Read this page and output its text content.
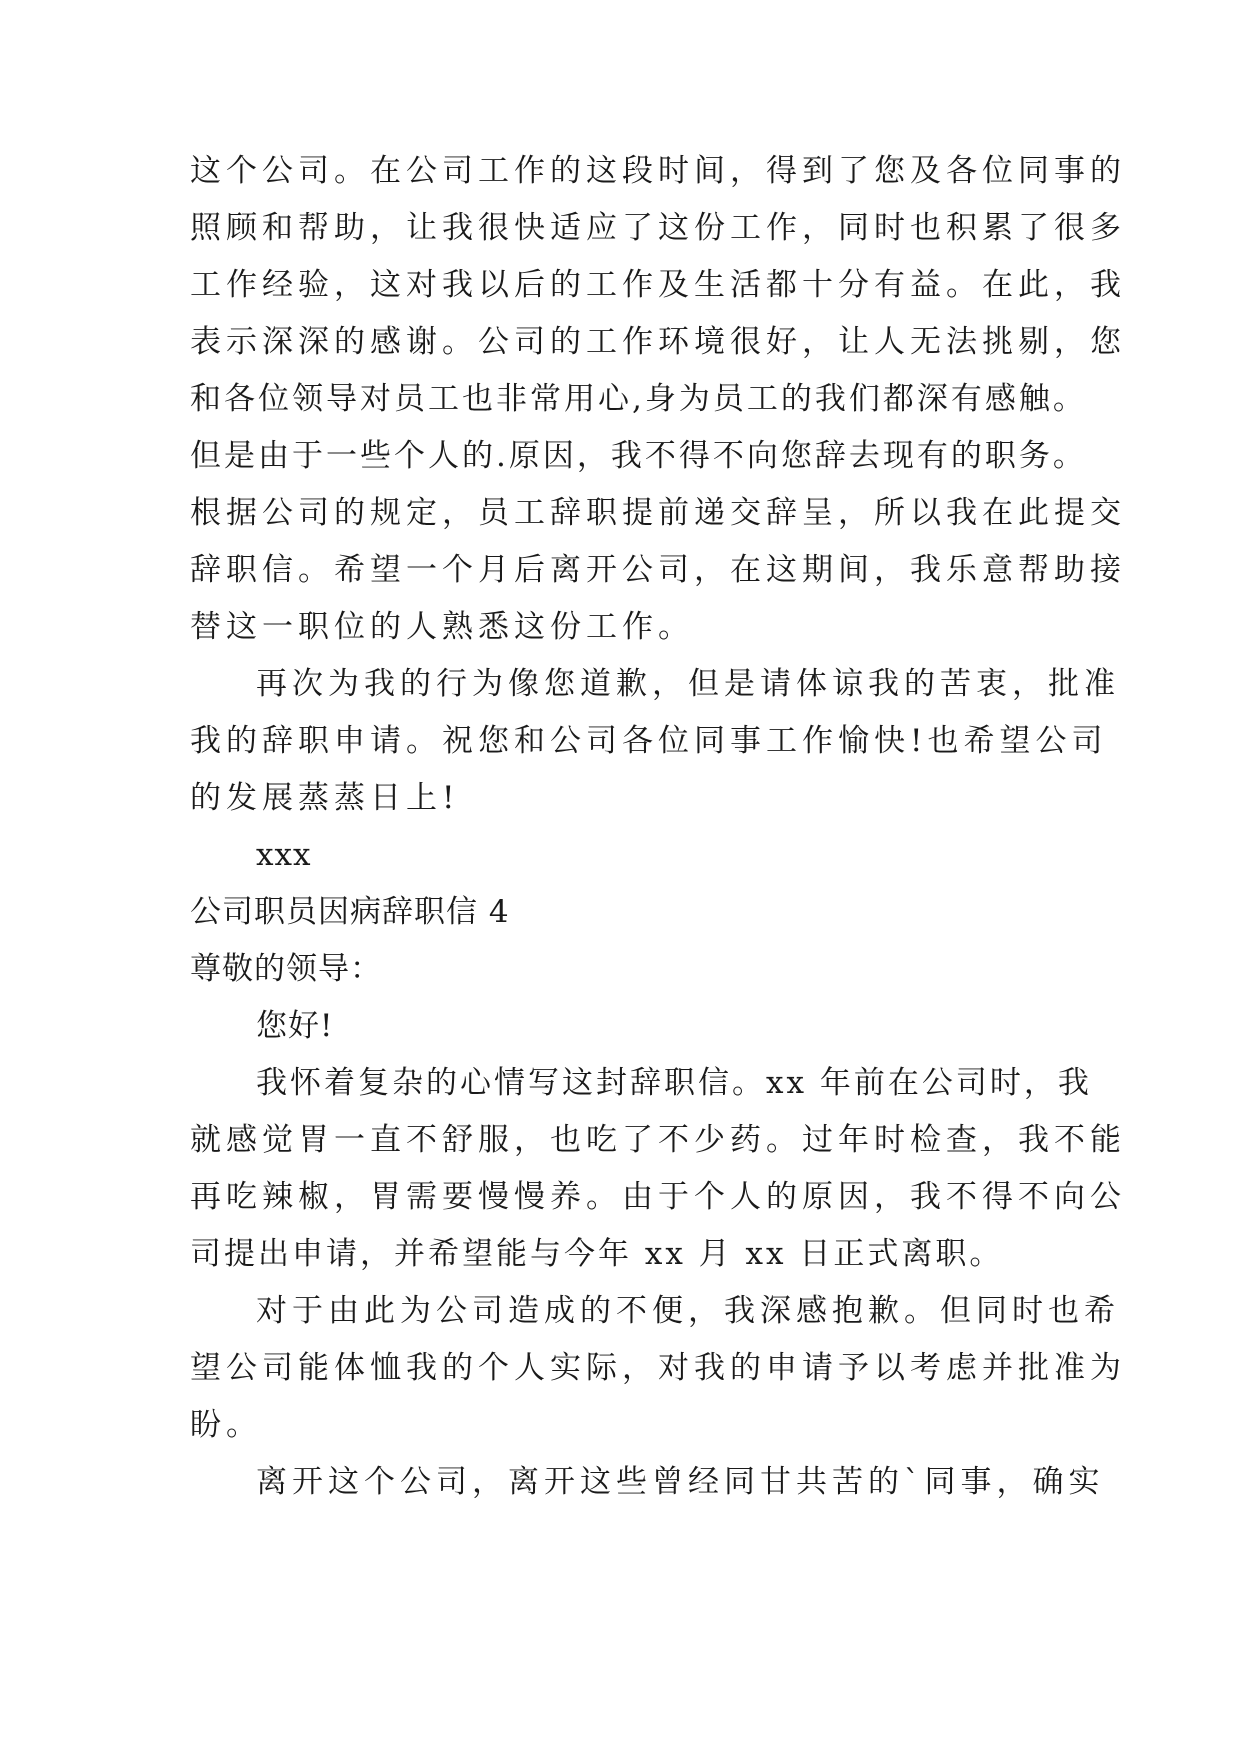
这个公司。在公司工作的这段时间，得到了您及各位同事的

照顾和帮助，让我很快适应了这份工作，同时也积累了很多

工作经验，这对我以后的工作及生活都十分有益。在此，我

表示深深的感谢。公司的工作环境很好，让人无法挑剔，您

和各位领导对员工也非常用心,身为员工的我们都深有感触。

但是由于一些个人的.原因，我不得不向您辞去现有的职务。

根据公司的规定，员工辞职提前递交辞呈，所以我在此提交

辞职信。希望一个月后离开公司，在这期间，我乐意帮助接

替这一职位的人熟悉这份工作。

再次为我的行为像您道歉，但是请体谅我的苦衷，批准

我的辞职申请。祝您和公司各位同事工作愉快!也希望公司

的发展蒸蒸日上!

xxx

公司职员因病辞职信 4

尊敬的领导：

您好!

我怀着复杂的心情写这封辞职信。xx 年前在公司时，我

就感觉胃一直不舒服，也吃了不少药。过年时检查，我不能

再吃辣椒，胃需要慢慢养。由于个人的原因，我不得不向公

司提出申请，并希望能与今年 xx 月 xx 日正式离职。

对于由此为公司造成的不便，我深感抱歉。但同时也希

望公司能体恤我的个人实际，对我的申请予以考虑并批准为

盼。

离开这个公司，离开这些曾经同甘共苦的`同事，确实
